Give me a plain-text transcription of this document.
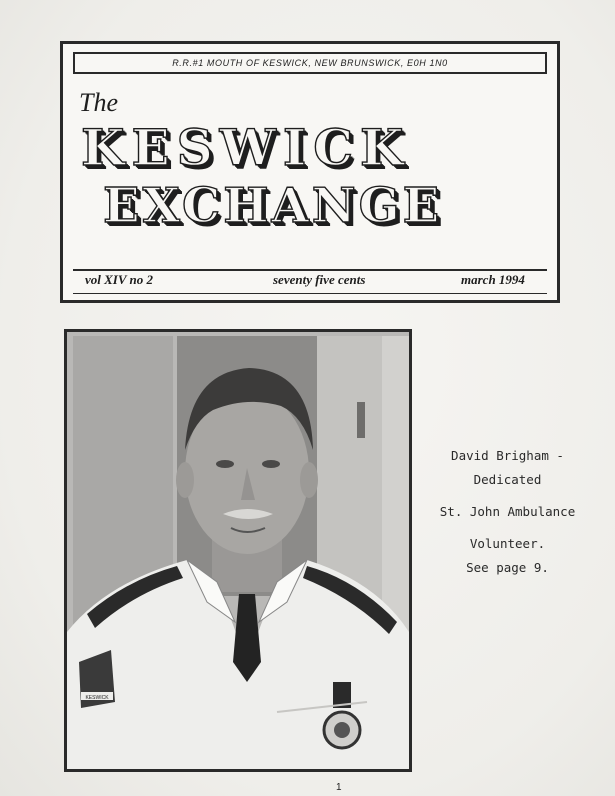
R.R.#1 MOUTH OF KESWICK, NEW BRUNSWICK, E0H 1N0
The
KESWICK
EXCHANGE
vol XIV no 2	seventy five cents	march 1994
KESWICK
David Brigham -
Dedicated
St. John Ambulance
Volunteer.
See page 9.
1
